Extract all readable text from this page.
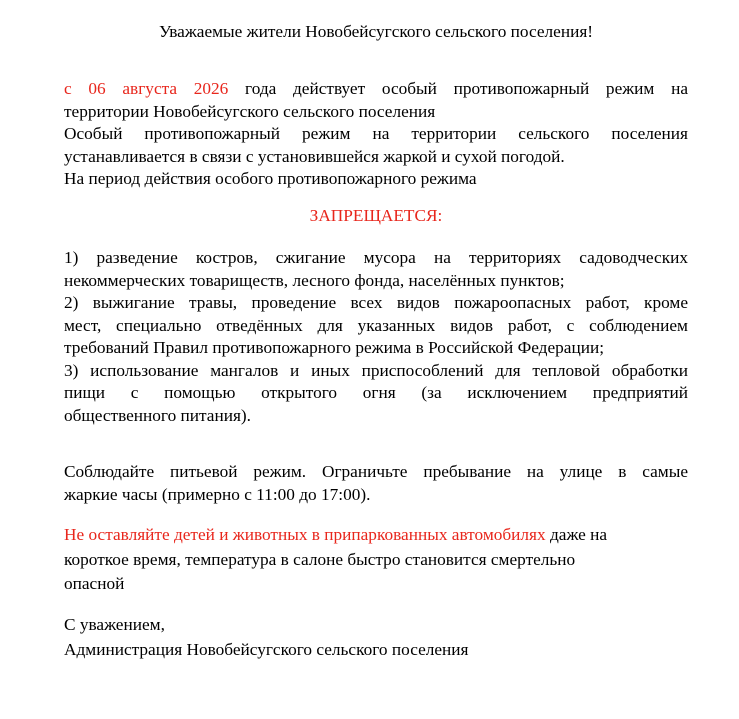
Уважаемые жители Новобейсугского сельского поселения!
с 06 августа 2026 года действует особый противопожарный режим на
территории Новобейсугского сельского поселения
Особый противопожарный режим на территории сельского поселения
устанавливается в связи с установившейся жаркой и сухой погодой.
На период действия особого противопожарного режима
ЗАПРЕЩАЕТСЯ:
1) разведение костров, сжигание мусора на территориях садоводческих
некоммерческих товариществ, лесного фонда, населённых пунктов;
2) выжигание травы, проведение всех видов пожароопасных работ, кроме
мест, специально отведённых для указанных видов работ, с соблюдением
требований Правил противопожарного режима в Российской Федерации;
3) использование мангалов и иных приспособлений для тепловой обработки
пищи с помощью открытого огня (за исключением предприятий
общественного питания).
Соблюдайте питьевой режим. Ограничьте пребывание на улице в самые
жаркие часы (примерно с 11:00 до 17:00).
Не оставляйте детей и животных в припаркованных автомобилях даже на
короткое время, температура в салоне быстро становится смертельно
опасной
С уважением,
Администрация Новобейсугского сельского поселения
